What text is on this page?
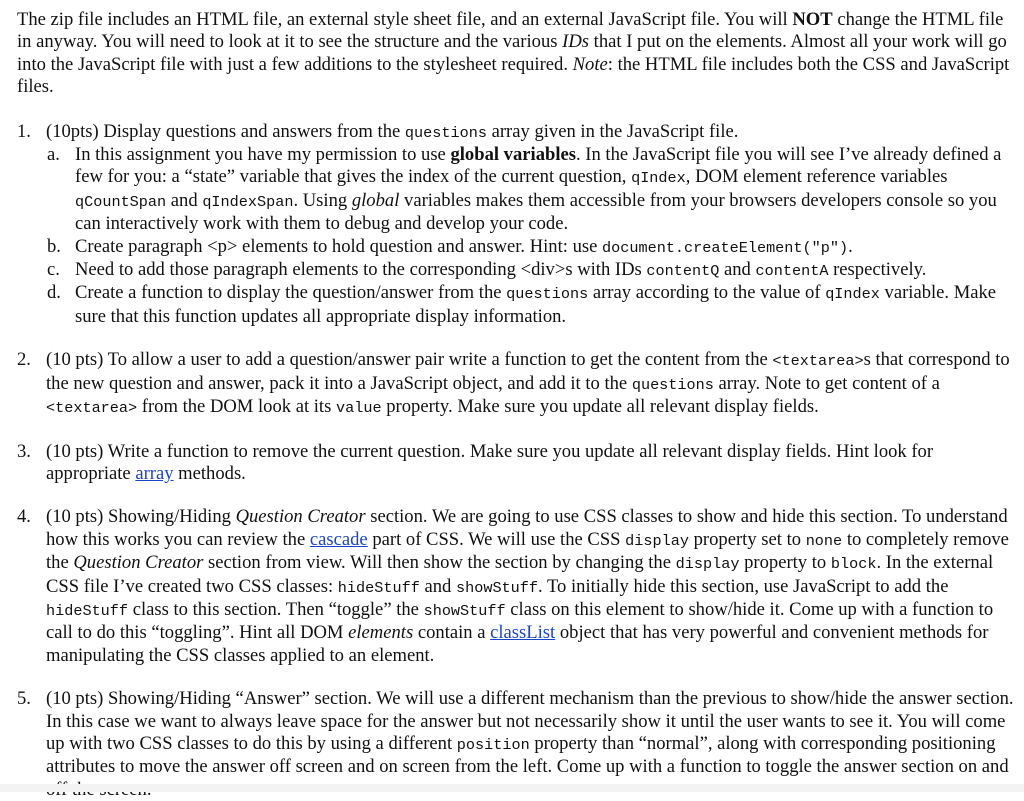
The zip file includes an HTML file, an external style sheet file, and an external JavaScript file. You will NOT change the HTML file in anyway. You will need to look at it to see the structure and the various IDs that I put on the elements. Almost all your work will go into the JavaScript file with just a few additions to the stylesheet required. Note: the HTML file includes both the CSS and JavaScript files.

1. (10pts) Display questions and answers from the questions array given in the JavaScript file.
a. In this assignment you have my permission to use global variables. In the JavaScript file you will see I’ve already defined a few for you: a “state” variable that gives the index of the current question, qIndex, DOM element reference variables qCountSpan and qIndexSpan. Using global variables makes them accessible from your browsers developers console so you can interactively work with them to debug and develop your code.
b. Create paragraph <p> elements to hold question and answer. Hint: use document.createElement("p").
c. Need to add those paragraph elements to the corresponding <div>s with IDs contentQ and contentA respectively.
d. Create a function to display the question/answer from the questions array according to the value of qIndex variable. Make sure that this function updates all appropriate display information.
2. (10 pts) To allow a user to add a question/answer pair write a function to get the content from the <textarea>s that correspond to the new question and answer, pack it into a JavaScript object, and add it to the questions array. Note to get content of a <textarea> from the DOM look at its value property. Make sure you update all relevant display fields.
3. (10 pts) Write a function to remove the current question. Make sure you update all relevant display fields. Hint look for appropriate array methods.
4. (10 pts) Showing/Hiding Question Creator section. We are going to use CSS classes to show and hide this section. To understand how this works you can review the cascade part of CSS. We will use the CSS display property set to none to completely remove the Question Creator section from view. Will then show the section by changing the display property to block. In the external CSS file I’ve created two CSS classes: hideStuff and showStuff. To initially hide this section, use JavaScript to add the hideStuff class to this section. Then “toggle” the showStuff class on this element to show/hide it. Come up with a function to call to do this “toggling”. Hint all DOM elements contain a classList object that has very powerful and convenient methods for manipulating the CSS classes applied to an element.
5. (10 pts) Showing/Hiding “Answer” section. We will use a different mechanism than the previous to show/hide the answer section. In this case we want to always leave space for the answer but not necessarily show it until the user wants to see it. You will come up with two CSS classes to do this by using a different position property than “normal”, along with corresponding positioning attributes to move the answer off screen and on screen from the left. Come up with a function to toggle the answer section on and
